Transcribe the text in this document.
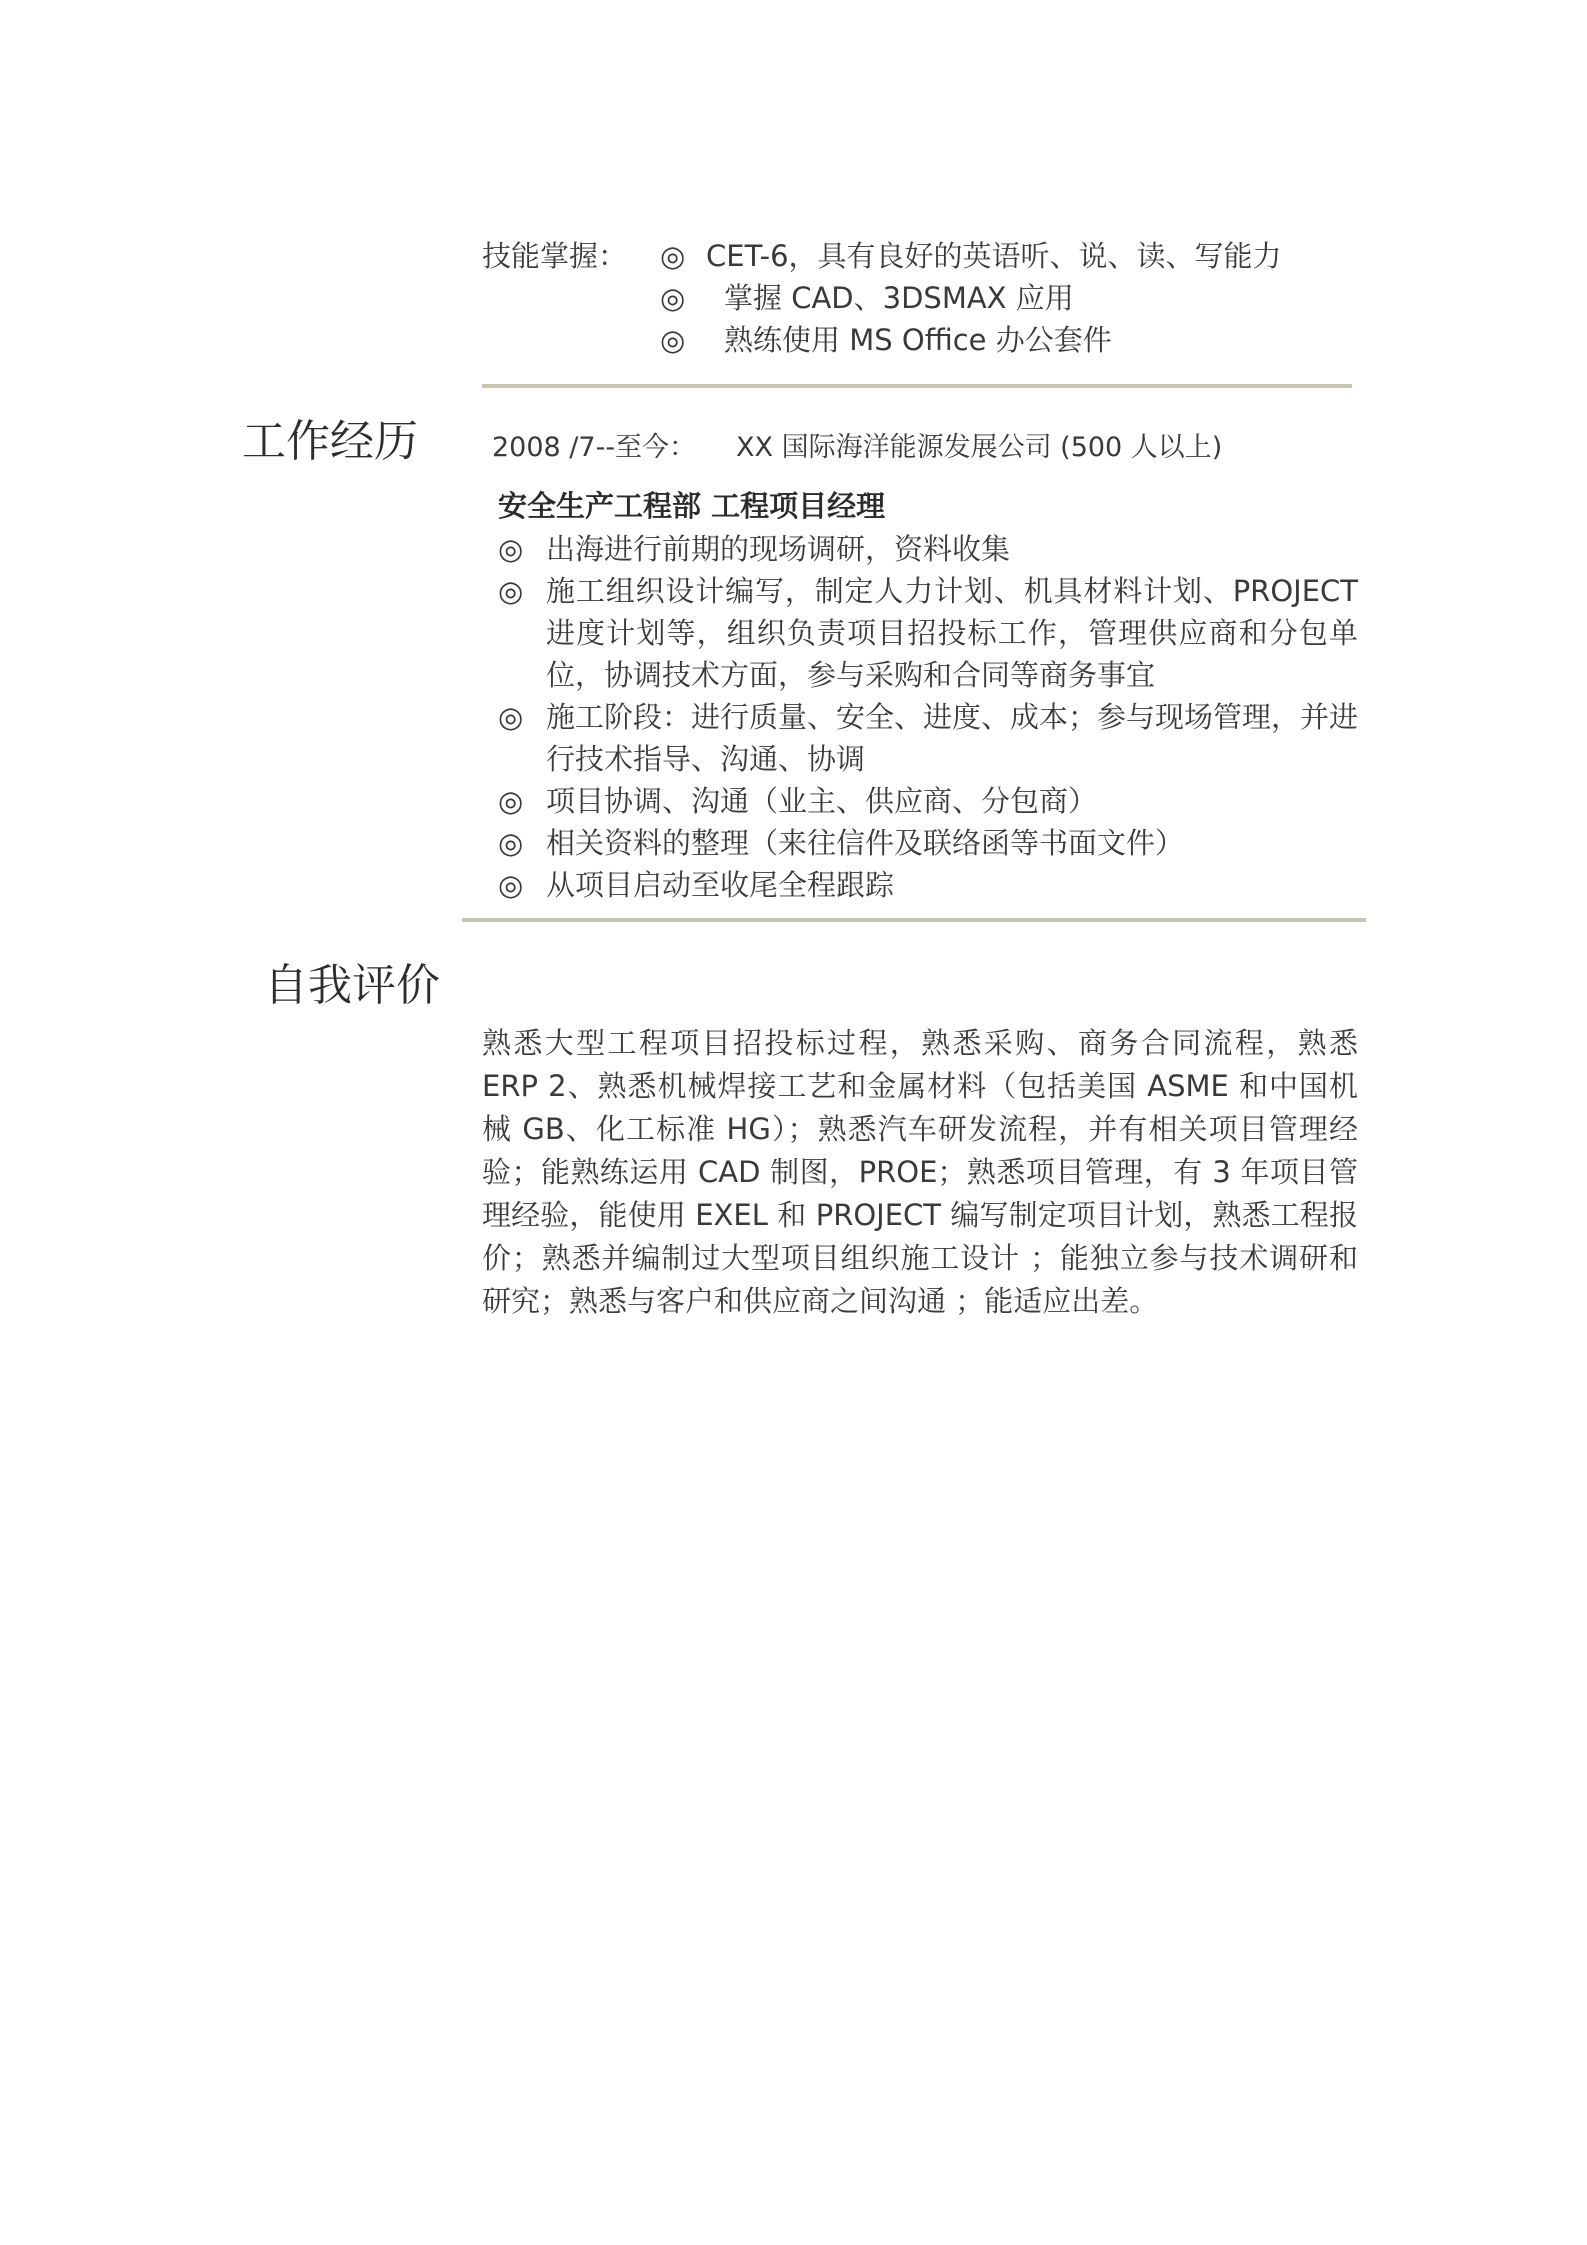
技能掌握： ◎ CET-6，具有良好的英语听、说、读、写能力
◎ 掌握 CAD、3DSMAX 应用
◎ 熟练使用 MS Office 办公套件
工作经历	2008 /7--至今： XX 国际海洋能源发展公司 (500 人以上)
安全生产工程部 工程项目经理
◎ 出海进行前期的现场调研，资料收集
◎ 施工组织设计编写，制定人力计划、机具材料计划、PROJECT 进度计划等，组织负责项目招投标工作，管理供应商和分包单位，协调技术方面，参与采购和合同等商务事宜
◎ 施工阶段：进行质量、安全、进度、成本；参与现场管理，并进行技术指导、沟通、协调
◎ 项目协调、沟通（业主、供应商、分包商）
◎ 相关资料的整理（来往信件及联络函等书面文件）
◎ 从项目启动至收尾全程跟踪
自我评价
熟悉大型工程项目招投标过程，熟悉采购、商务合同流程，熟悉 ERP 2、熟悉机械焊接工艺和金属材料（包括美国 ASME 和中国机械 GB、化工标准 HG）；熟悉汽车研发流程，并有相关项目管理经验；能熟练运用 CAD 制图，PROE；熟悉项目管理，有 3 年项目管理经验，能使用 EXEL 和 PROJECT 编写制定项目计划，熟悉工程报价；熟悉并编制过大型项目组织施工设计 ；能独立参与技术调研和研究；熟悉与客户和供应商之间沟通 ；能适应出差。
